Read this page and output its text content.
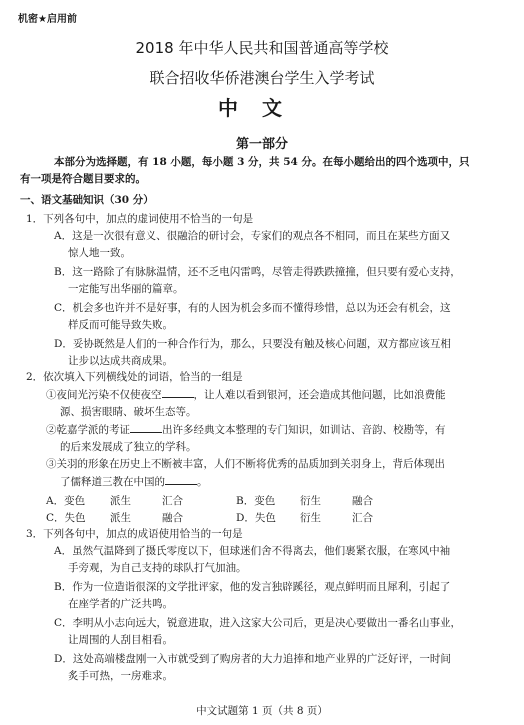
机密★启用前
2018 年中华人民共和国普通高等学校
联合招收华侨港澳台学生入学考试
中文
第一部分
本部分为选择题，有 18 小题，每小题 3 分，共 54 分。在每小题给出的四个选项中，只
有一项是符合题目要求的。
一、语文基础知识（30 分）

1．下列各句中，加点的虚词使用不恰当的一句是

A．这是一次很有意义、很融洽的研讨会，专家们的观点各不相同，而且在某些方面又
惊人地一致。
B．这一路除了有脉脉温情，还不乏电闪雷鸣，尽管走得跌跌撞撞，但只要有爱心支持，
一定能写出华丽的篇章。
C．机会多也许并不是好事，有的人因为机会多而不懂得珍惜，总以为还会有机会，这
样反而可能导致失败。
D．妥协既然是人们的一种合作行为，那么，只要没有触及核心问题，双方都应该互相
让步以达成共商成果。

2．依次填入下列横线处的词语，恰当的一组是

①夜间光污染不仅使夜空	，让人难以看到银河，还会造成其他问题，比如浪费能
源、损害眼睛、破坏生态等。
②乾嘉学派的考证	出许多经典文本整理的专门知识，如训诂、音韵、校勘等，有
的后来发展成了独立的学科。
③关羽的形象在历史上不断被丰富，人们不断将优秀的品质加到关羽身上，背后体现出
了儒释道三教在中国的	。
A．变色	派生	汇合	B．变色	衍生	融合
C．失色	派生	融合	D．失色	衍生	汇合

3．下列各句中，加点的成语使用恰当的一句是

A．虽然气温降到了摄氏零度以下，但球迷们舍不得离去，他们裹紧衣服，在寒风中袖
手旁观，为自己支持的球队打气加油。
B．作为一位造诣很深的文学批评家，他的发言独辟蹊径，观点鲜明而且犀利，引起了
在座学者的广泛共鸣。
C．李明从小志向远大，锐意进取，进入这家大公司后，更是决心要做出一番名山事业，
让周围的人刮目相看。
D．这处高端楼盘刚一入市就受到了购房者的大力追捧和地产业界的广泛好评，一时间
炙手可热，一房难求。
中文试题第 1 页（共 8 页）
